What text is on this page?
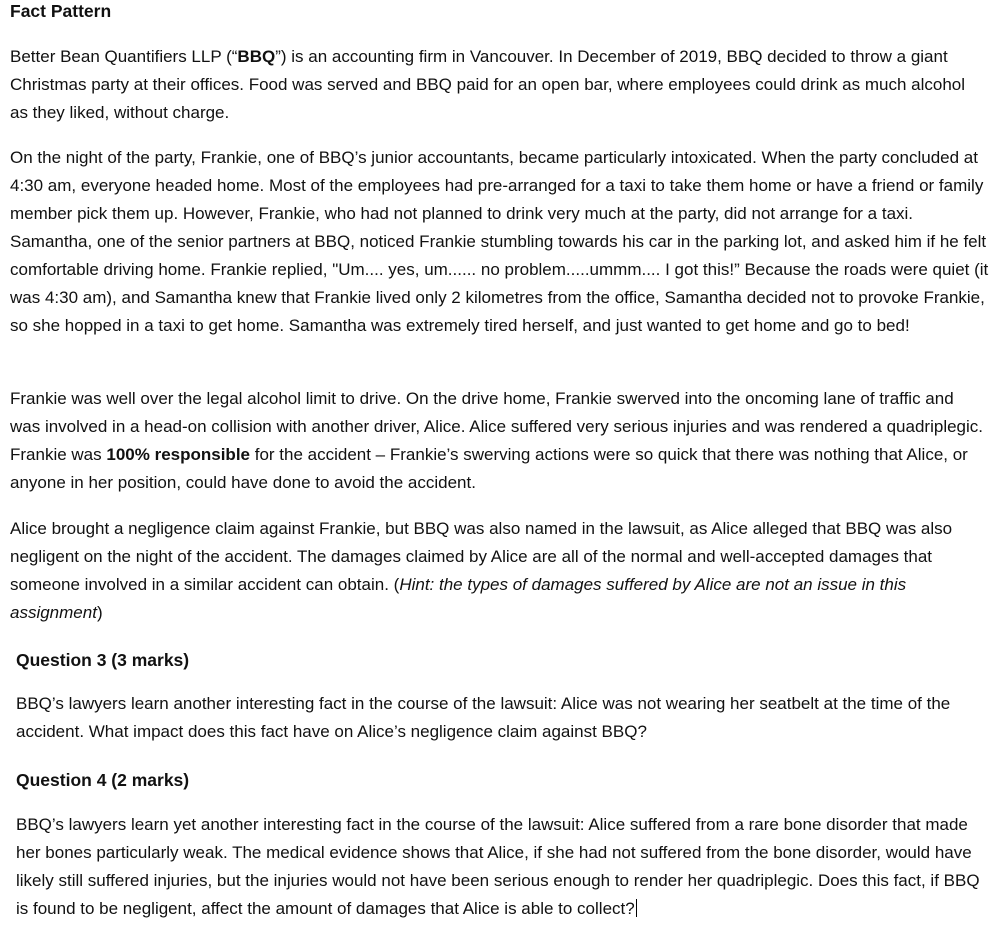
Fact Pattern

Better Bean Quantifiers LLP (“BBQ”) is an accounting firm in Vancouver. In December of 2019, BBQ decided to throw a giant Christmas party at their offices. Food was served and BBQ paid for an open bar, where employees could drink as much alcohol as they liked, without charge.

On the night of the party, Frankie, one of BBQ’s junior accountants, became particularly intoxicated. When the party concluded at 4:30 am, everyone headed home. Most of the employees had pre-arranged for a taxi to take them home or have a friend or family member pick them up. However, Frankie, who had not planned to drink very much at the party, did not arrange for a taxi. Samantha, one of the senior partners at BBQ, noticed Frankie stumbling towards his car in the parking lot, and asked him if he felt comfortable driving home. Frankie replied, "Um.... yes, um...... no problem.....ummm.... I got this!” Because the roads were quiet (it was 4:30 am), and Samantha knew that Frankie lived only 2 kilometres from the office, Samantha decided not to provoke Frankie, so she hopped in a taxi to get home. Samantha was extremely tired herself, and just wanted to get home and go to bed!

Frankie was well over the legal alcohol limit to drive. On the drive home, Frankie swerved into the oncoming lane of traffic and was involved in a head-on collision with another driver, Alice. Alice suffered very serious injuries and was rendered a quadriplegic. Frankie was 100% responsible for the accident – Frankie’s swerving actions were so quick that there was nothing that Alice, or anyone in her position, could have done to avoid the accident.

Alice brought a negligence claim against Frankie, but BBQ was also named in the lawsuit, as Alice alleged that BBQ was also negligent on the night of the accident. The damages claimed by Alice are all of the normal and well-accepted damages that someone involved in a similar accident can obtain. (Hint: the types of damages suffered by Alice are not an issue in this assignment)

Question 3 (3 marks)

BBQ’s lawyers learn another interesting fact in the course of the lawsuit: Alice was not wearing her seatbelt at the time of the accident. What impact does this fact have on Alice’s negligence claim against BBQ?

Question 4 (2 marks)

BBQ’s lawyers learn yet another interesting fact in the course of the lawsuit: Alice suffered from a rare bone disorder that made her bones particularly weak. The medical evidence shows that Alice, if she had not suffered from the bone disorder, would have likely still suffered injuries, but the injuries would not have been serious enough to render her quadriplegic. Does this fact, if BBQ is found to be negligent, affect the amount of damages that Alice is able to collect?
